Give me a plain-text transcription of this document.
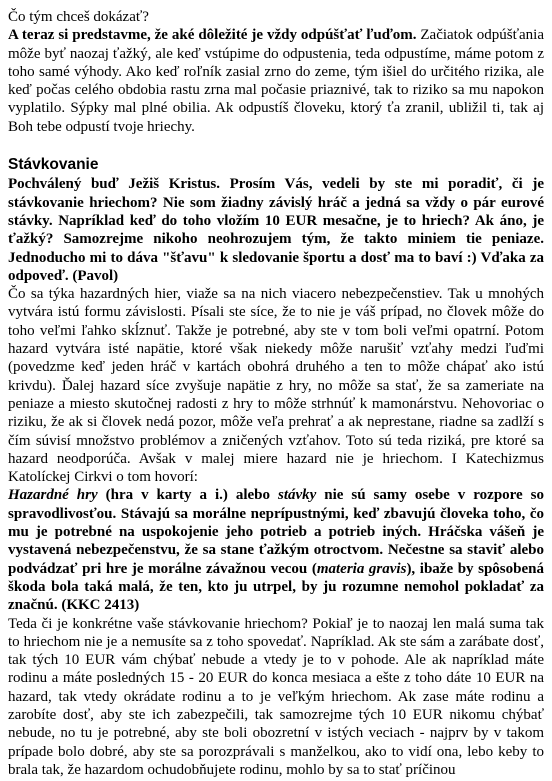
Čo tým chceš dokázať?
A teraz si predstavme, že aké dôležité je vždy odpúšťať ľuďom. Začiatok odpúšťania môže byť naozaj ťažký, ale keď vstúpime do odpustenia, teda odpustíme, máme potom z toho samé výhody. Ako keď roľník zasial zrno do zeme, tým išiel do určitého rizika, ale keď počas celého obdobia rastu zrna mal počasie priaznivé, tak to riziko sa mu napokon vyplatilo. Sýpky mal plné obilia. Ak odpustíš človeku, ktorý ťa zranil, ubližil ti, tak aj Boh tebe odpustí tvoje hriechy.

Stávkovanie

Pochválený buď Ježiš Kristus. Prosím Vás, vedeli by ste mi poradiť, či je stávkovanie hriechom? Nie som žiadny závislý hráč a jedná sa vždy o pár eurové stávky. Napríklad keď do toho vložím 10 EUR mesačne, je to hriech? Ak áno, je ťažký? Samozrejme nikoho neohrozujem tým, že takto miniem tie peniaze. Jednoducho mi to dáva "šťavu" k sledovanie športu a dosť ma to baví :) Vďaka za odpoveď. (Pavol)

Čo sa týka hazardných hier, viaže sa na nich viacero nebezpečenstiev. Tak u mnohých vytvára istú formu závislosti. Písali ste síce, že to nie je váš prípad, no človek môže do toho veľmi ľahko skĺznuť. Takže je potrebné, aby ste v tom boli veľmi opatrní. Potom hazard vytvára isté napätie, ktoré však niekedy môže narušiť vzťahy medzi ľuďmi (povedzme keď jeden hráč v kartách obohrá druhého a ten to môže chápať ako istú krivdu). Ďalej hazard síce zvyšuje napätie z hry, no môže sa stať, že sa zameriate na peniaze a miesto skutočnej radosti z hry to môže strhnúť k mamonárstvu. Nehovoriac o riziku, že ak si človek nedá pozor, môže veľa prehrať a ak neprestane, riadne sa zadlží s čím súvisí množstvo problémov a zničených vzťahov. Toto sú teda riziká, pre ktoré sa hazard neodporúča. Avšak v malej miere hazard nie je hriechom. I Katechizmus Katolíckej Cirkvi o tom hovorí:

Hazardné hry (hra v karty a i.) alebo stávky nie sú samy osebe v rozpore so spravodlivosťou. Stávajú sa morálne neprípustnými, keď zbavujú človeka toho, čo mu je potrebné na uspokojenie jeho potrieb a potrieb iných. Hráčska vášeň je vystavená nebezpečenstvu, že sa stane ťažkým otroctvom. Nečestne sa staviť alebo podvádzať pri hre je morálne závažnou vecou (materia gravis), ibaže by spôsobená škoda bola taká malá, že ten, kto ju utrpel, by ju rozumne nemohol pokladať za značnú. (KKC 2413)

Teda či je konkrétne vaše stávkovanie hriechom? Pokiaľ je to naozaj len malá suma tak to hriechom nie je a nemusíte sa z toho spovedať. Napríklad. Ak ste sám a zarábate dosť, tak tých 10 EUR vám chýbať nebude a vtedy je to v pohode. Ale ak napríklad máte rodinu a máte posledných 15 - 20 EUR do konca mesiaca a ešte z toho dáte 10 EUR na hazard, tak vtedy okrádate rodinu a to je veľkým hriechom. Ak zase máte rodinu a zarobíte dosť, aby ste ich zabezpečili, tak samozrejme tých 10 EUR nikomu chýbať nebude, no tu je potrebné, aby ste boli obozretní v istých veciach - najprv by v takom prípade bolo dobré, aby ste sa porozprávali s manželkou, ako to vidí ona, lebo keby to brala tak, že hazardom ochudobňujete rodinu, mohlo by sa to stať príčinou
